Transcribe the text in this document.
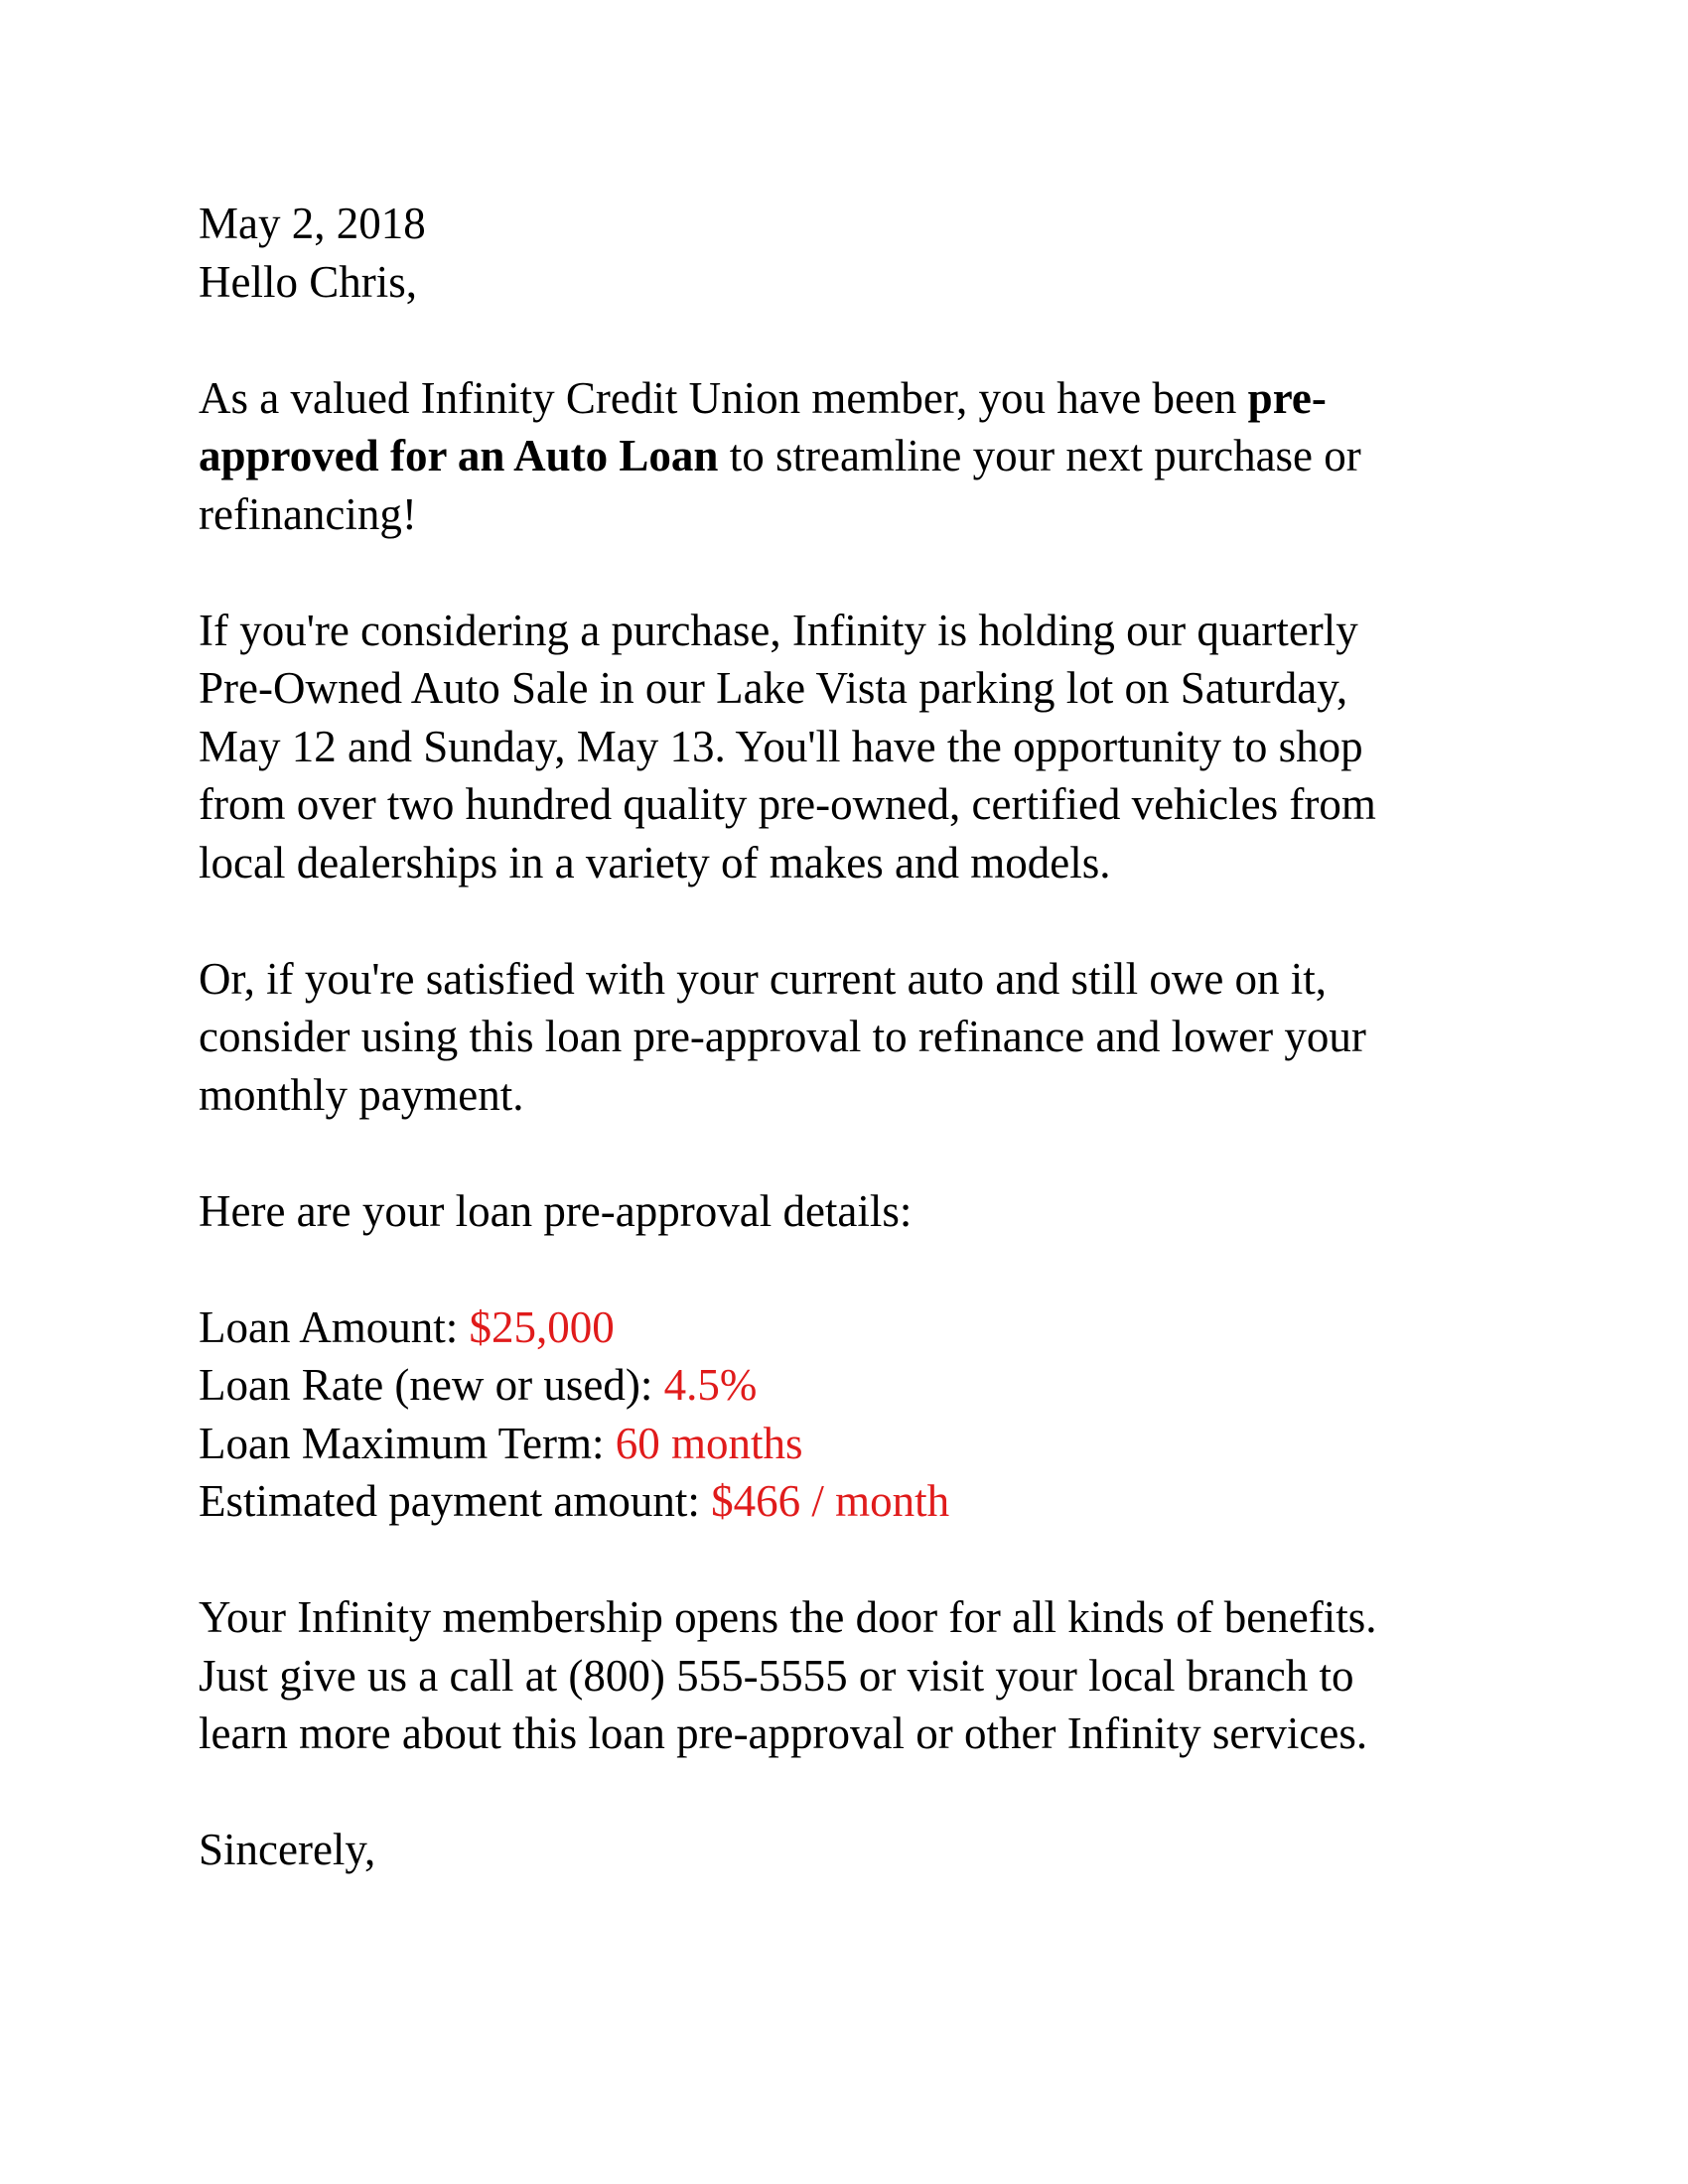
May 2, 2018
Hello Chris,

As a valued Infinity Credit Union member, you have been pre-
approved for an Auto Loan to streamline your next purchase or
refinancing!

If you're considering a purchase, Infinity is holding our quarterly
Pre-Owned Auto Sale in our Lake Vista parking lot on Saturday,
May 12 and Sunday, May 13. You'll have the opportunity to shop
from over two hundred quality pre-owned, certified vehicles from
local dealerships in a variety of makes and models.

Or, if you're satisfied with your current auto and still owe on it,
consider using this loan pre-approval to refinance and lower your
monthly payment.

Here are your loan pre-approval details:
Loan Amount: $25,000
Loan Rate (new or used): 4.5%
Loan Maximum Term: 60 months
Estimated payment amount: $466 / month

Your Infinity membership opens the door for all kinds of benefits.
Just give us a call at (800) 555-5555 or visit your local branch to
learn more about this loan pre-approval or other Infinity services.

Sincerely,
